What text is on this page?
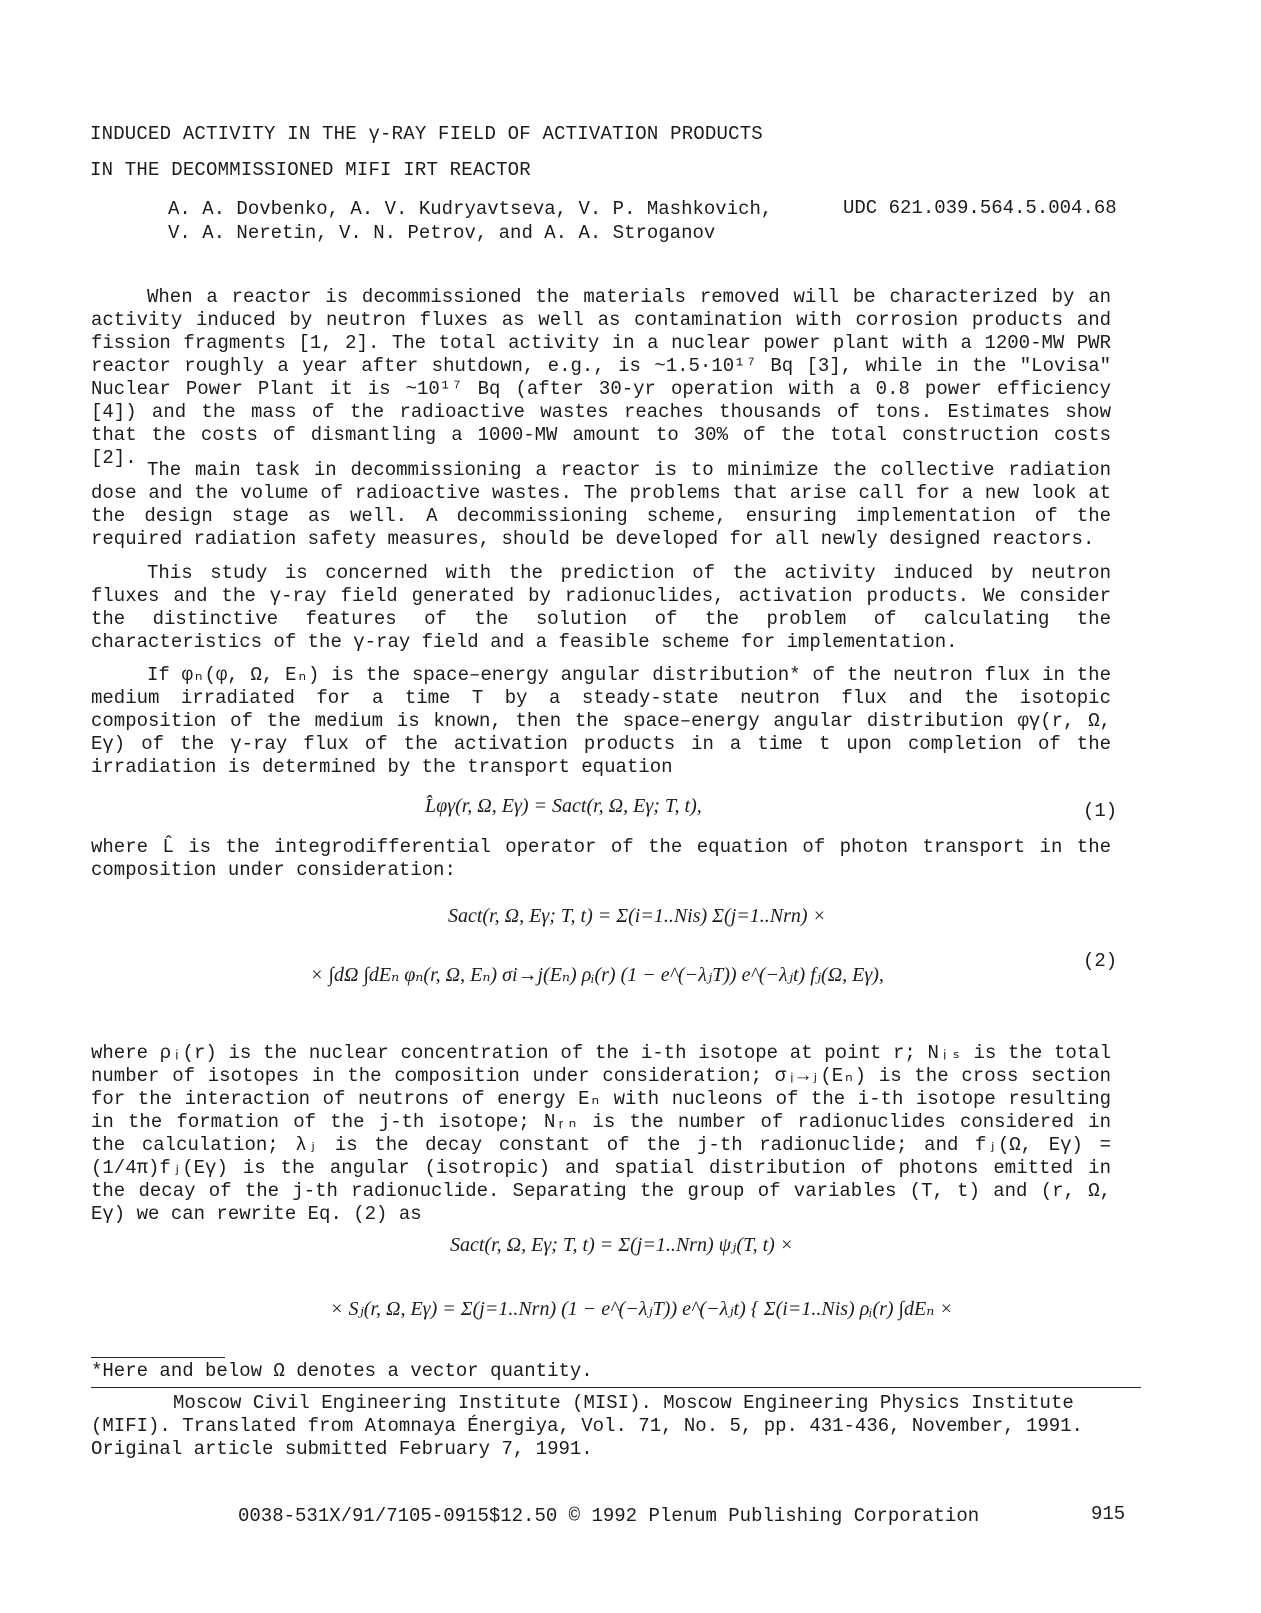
INDUCED ACTIVITY IN THE γ-RAY FIELD OF ACTIVATION PRODUCTS
IN THE DECOMMISSIONED MIFI IRT REACTOR
A. A. Dovbenko, A. V. Kudryavtseva, V. P. Mashkovich,
V. A. Neretin, V. N. Petrov, and A. A. Stroganov
UDC 621.039.564.5.004.68

When a reactor is decommissioned the materials removed will be characterized by an activity induced by neutron fluxes as well as contamination with corrosion products and fission fragments [1, 2]. The total activity in a nuclear power plant with a 1200-MW PWR reactor roughly a year after shutdown, e.g., is ~1.5·10¹⁷ Bq [3], while in the "Lovisa" Nuclear Power Plant it is ~10¹⁷ Bq (after 30-yr operation with a 0.8 power efficiency [4]) and the mass of the radioactive wastes reaches thousands of tons. Estimates show that the costs of dismantling a 1000-MW amount to 30% of the total construction costs [2].

The main task in decommissioning a reactor is to minimize the collective radiation dose and the volume of radioactive wastes. The problems that arise call for a new look at the design stage as well. A decommissioning scheme, ensuring implementation of the required radiation safety measures, should be developed for all newly designed reactors.

This study is concerned with the prediction of the activity induced by neutron fluxes and the γ-ray field generated by radionuclides, activation products. We consider the distinctive features of the solution of the problem of calculating the characteristics of the γ-ray field and a feasible scheme for implementation.

If φₙ(φ, Ω, Eₙ) is the space–energy angular distribution* of the neutron flux in the medium irradiated for a time T by a steady-state neutron flux and the isotopic composition of the medium is known, then the space–energy angular distribution φγ(r, Ω, Eγ) of the γ-ray flux of the activation products in a time t upon completion of the irradiation is determined by the transport equation

L̂φγ(r, Ω, Eγ) = Sact(r, Ω, Eγ; T, t),	(1)

where L̂ is the integrodifferential operator of the equation of photon transport in the composition under consideration:

Sact(r, Ω, Eγ; T, t) = Σ(i=1..Nis) Σ(j=1..Nrn) ×
× ∫dΩ ∫dEₙ φₙ(r, Ω, Eₙ) σi→j(Eₙ) ρᵢ(r) (1 − e^(−λⱼT)) e^(−λⱼt) fⱼ(Ω, Eγ),
(2)

where ρᵢ(r) is the nuclear concentration of the i-th isotope at point r; Nᵢₛ is the total number of isotopes in the composition under consideration; σᵢ→ⱼ(Eₙ) is the cross section for the interaction of neutrons of energy Eₙ with nucleons of the i-th isotope resulting in the formation of the j-th isotope; Nᵣₙ is the number of radionuclides considered in the calculation; λⱼ is the decay constant of the j-th radionuclide; and fⱼ(Ω, Eγ) = (1/4π)fⱼ(Eγ) is the angular (isotropic) and spatial distribution of photons emitted in the decay of the j-th radionuclide. Separating the group of variables (T, t) and (r, Ω, Eγ) we can rewrite Eq. (2) as

Sact(r, Ω, Eγ; T, t) = Σ(j=1..Nrn) ψⱼ(T, t) ×
× Sⱼ(r, Ω, Eγ) = Σ(j=1..Nrn) (1 − e^(−λⱼT)) e^(−λⱼt) { Σ(i=1..Nis) ρᵢ(r) ∫dEₙ ×
*Here and below Ω denotes a vector quantity.

Moscow Civil Engineering Institute (MISI). Moscow Engineering Physics Institute (MIFI). Translated from Atomnaya Énergiya, Vol. 71, No. 5, pp. 431-436, November, 1991. Original article submitted February 7, 1991.

0038-531X/91/7105-0915$12.50 © 1992 Plenum Publishing Corporation	915
